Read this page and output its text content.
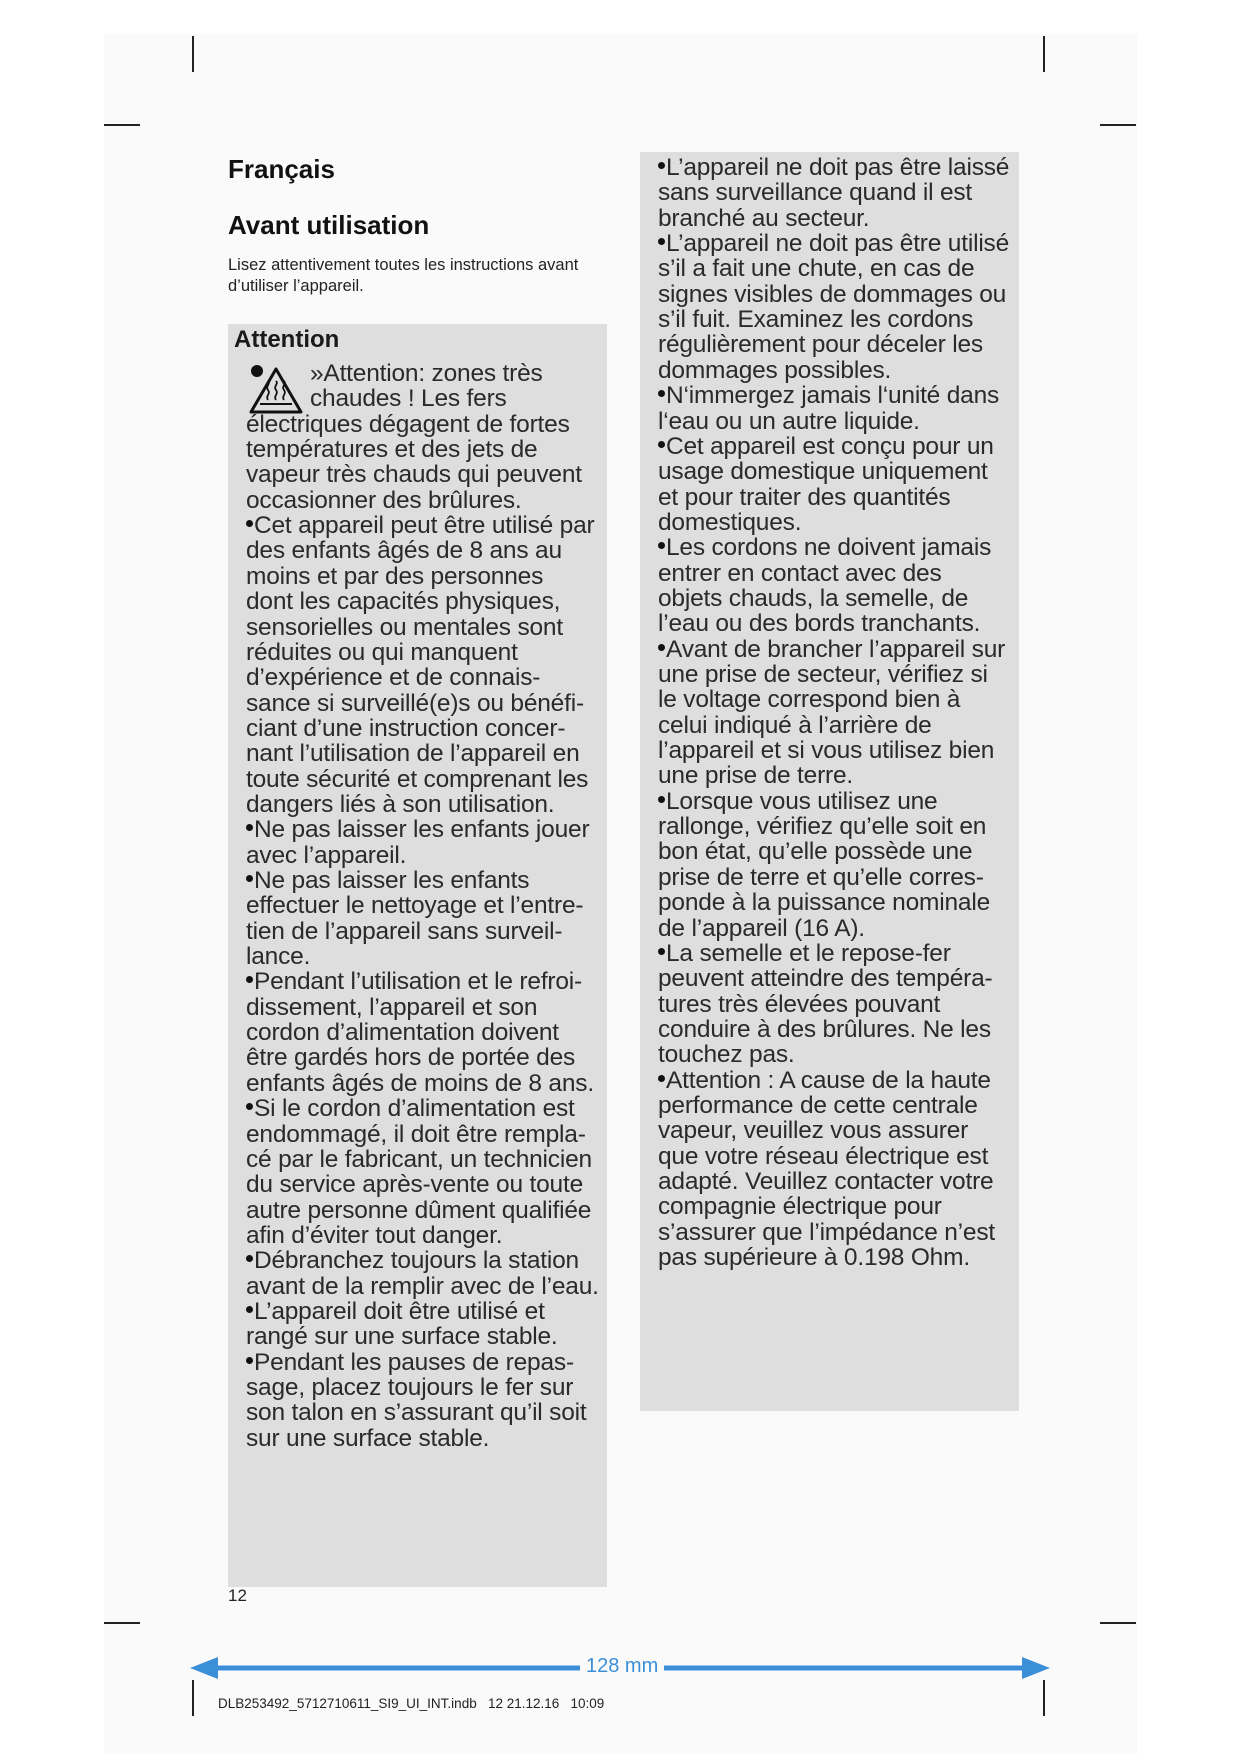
Français
Avant utilisation

Lisez attentivement toutes les instructions avant d’utiliser l’appareil.

Attention
»Attention: zones très
chaudes ! Les fers
électriques dégagent de fortes
températures et des jets de
vapeur très chauds qui peuvent
occasionner des brûlures.
Cet appareil peut être utilisé par
des enfants âgés de 8 ans au
moins et par des personnes
dont les capacités physiques,
sensorielles ou mentales sont
réduites ou qui manquent
d’expérience et de connais-
sance si surveillé(e)s ou bénéfi-
ciant d’une instruction concer-
nant l’utilisation de l’appareil en
toute sécurité et comprenant les
dangers liés à son utilisation.
Ne pas laisser les enfants jouer
avec l’appareil.
Ne pas laisser les enfants
effectuer le nettoyage et l’entre-
tien de l’appareil sans surveil-
lance.
Pendant l’utilisation et le refroi-
dissement, l’appareil et son
cordon d’alimentation doivent
être gardés hors de portée des
enfants âgés de moins de 8 ans.
Si le cordon d’alimentation est
endommagé, il doit être rempla-
cé par le fabricant, un technicien
du service après-vente ou toute
autre personne dûment qualifiée
afin d’éviter tout danger.
Débranchez toujours la station
avant de la remplir avec de l’eau.
L’appareil doit être utilisé et
rangé sur une surface stable.
Pendant les pauses de repas-
sage, placez toujours le fer sur
son talon en s’assurant qu’il soit
sur une surface stable.
L’appareil ne doit pas être laissé
sans surveillance quand il est
branché au secteur.
L’appareil ne doit pas être utilisé
s’il a fait une chute, en cas de
signes visibles de dommages ou
s’il fuit. Examinez les cordons
régulièrement pour déceler les
dommages possibles.
N‘immergez jamais l‘unité dans
l‘eau ou un autre liquide.
Cet appareil est conçu pour un
usage domestique uniquement
et pour traiter des quantités
domestiques.
Les cordons ne doivent jamais
entrer en contact avec des
objets chauds, la semelle, de
l’eau ou des bords tranchants.
Avant de brancher l’appareil sur
une prise de secteur, vérifiez si
le voltage correspond bien à
celui indiqué à l’arrière de
l’appareil et si vous utilisez bien
une prise de terre.
Lorsque vous utilisez une
rallonge, vérifiez qu’elle soit en
bon état, qu’elle possède une
prise de terre et qu’elle corres-
ponde à la puissance nominale
de l’appareil (16 A).
La semelle et le repose-fer
peuvent atteindre des tempéra-
tures très élevées pouvant
conduire à des brûlures. Ne les
touchez pas.
Attention : A cause de la haute
performance de cette centrale
vapeur, veuillez vous assurer
que votre réseau électrique est
adapté. Veuillez contacter votre
compagnie électrique pour
s’assurer que l’impédance n’est
pas supérieure à 0.198 Ohm.

12

128 mm

DLB253492_5712710611_SI9_UI_INT.indb   12 21.12.16   10:09
